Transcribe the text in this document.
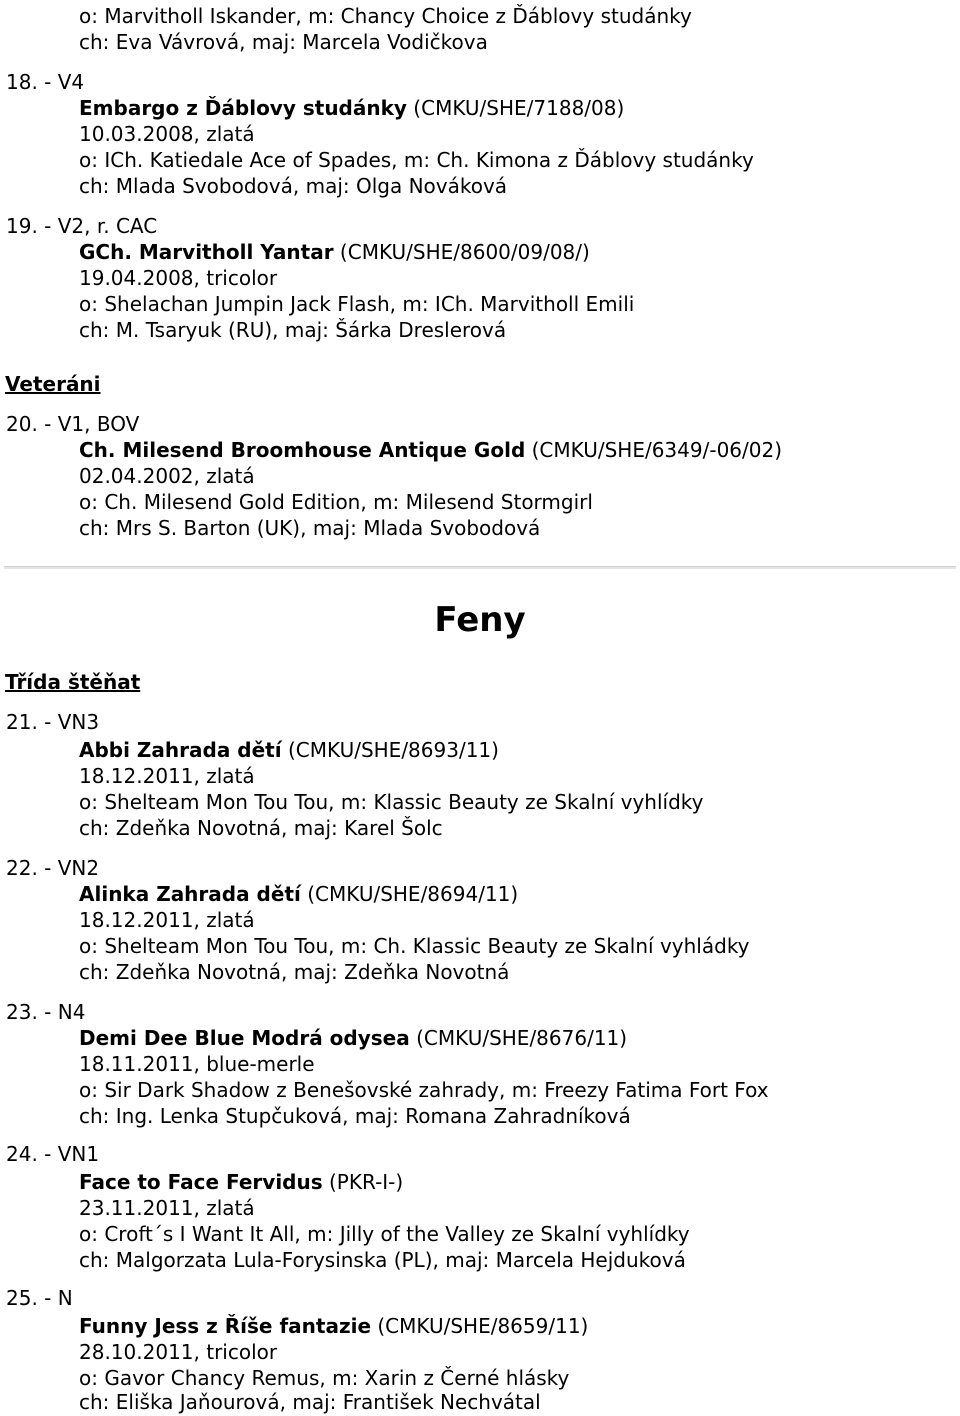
o: Marvitholl Iskander, m: Chancy Choice z Ďáblovy studánky
ch: Eva Vávrová, maj: Marcela Vodičkova
18. - V4
Embargo z Ďáblovy studánky (CMKU/SHE/7188/08)
10.03.2008, zlatá
o: ICh. Katiedale Ace of Spades, m: Ch. Kimona z Ďáblovy studánky
ch: Mlada Svobodová, maj: Olga Nováková
19. - V2, r. CAC
GCh. Marvitholl Yantar (CMKU/SHE/8600/09/08/)
19.04.2008, tricolor
o: Shelachan Jumpin Jack Flash, m: ICh. Marvitholl Emili
ch: M. Tsaryuk (RU), maj: Šárka Dreslerová
Veteráni
20. - V1, BOV
Ch. Milesend Broomhouse Antique Gold (CMKU/SHE/6349/-06/02)
02.04.2002, zlatá
o: Ch. Milesend Gold Edition, m: Milesend Stormgirl
ch: Mrs S. Barton (UK), maj: Mlada Svobodová
Feny
Třída štěňat
21. - VN3
Abbi Zahrada dětí (CMKU/SHE/8693/11)
18.12.2011, zlatá
o: Shelteam Mon Tou Tou, m: Klassic Beauty ze Skalní vyhlídky
ch: Zdeňka Novotná, maj: Karel Šolc
22. - VN2
Alinka Zahrada dětí (CMKU/SHE/8694/11)
18.12.2011, zlatá
o: Shelteam Mon Tou Tou, m: Ch. Klassic Beauty ze Skalní vyhládky
ch: Zdeňka Novotná, maj: Zdeňka Novotná
23. - N4
Demi Dee Blue Modrá odysea (CMKU/SHE/8676/11)
18.11.2011, blue-merle
o: Sir Dark Shadow z Benešovské zahrady, m: Freezy Fatima Fort Fox
ch: Ing. Lenka Stupčuková, maj: Romana Zahradníková
24. - VN1
Face to Face Fervidus (PKR-I-)
23.11.2011, zlatá
o: Croft´s I Want It All, m: Jilly of the Valley ze Skalní vyhlídky
ch: Malgorzata Lula-Forysinska (PL), maj: Marcela Hejduková
25. - N
Funny Jess z Říše fantazie (CMKU/SHE/8659/11)
28.10.2011, tricolor
o: Gavor Chancy Remus, m: Xarin z Černé hlásky
ch: Eliška Jaňourová, maj: František Nechvátal
